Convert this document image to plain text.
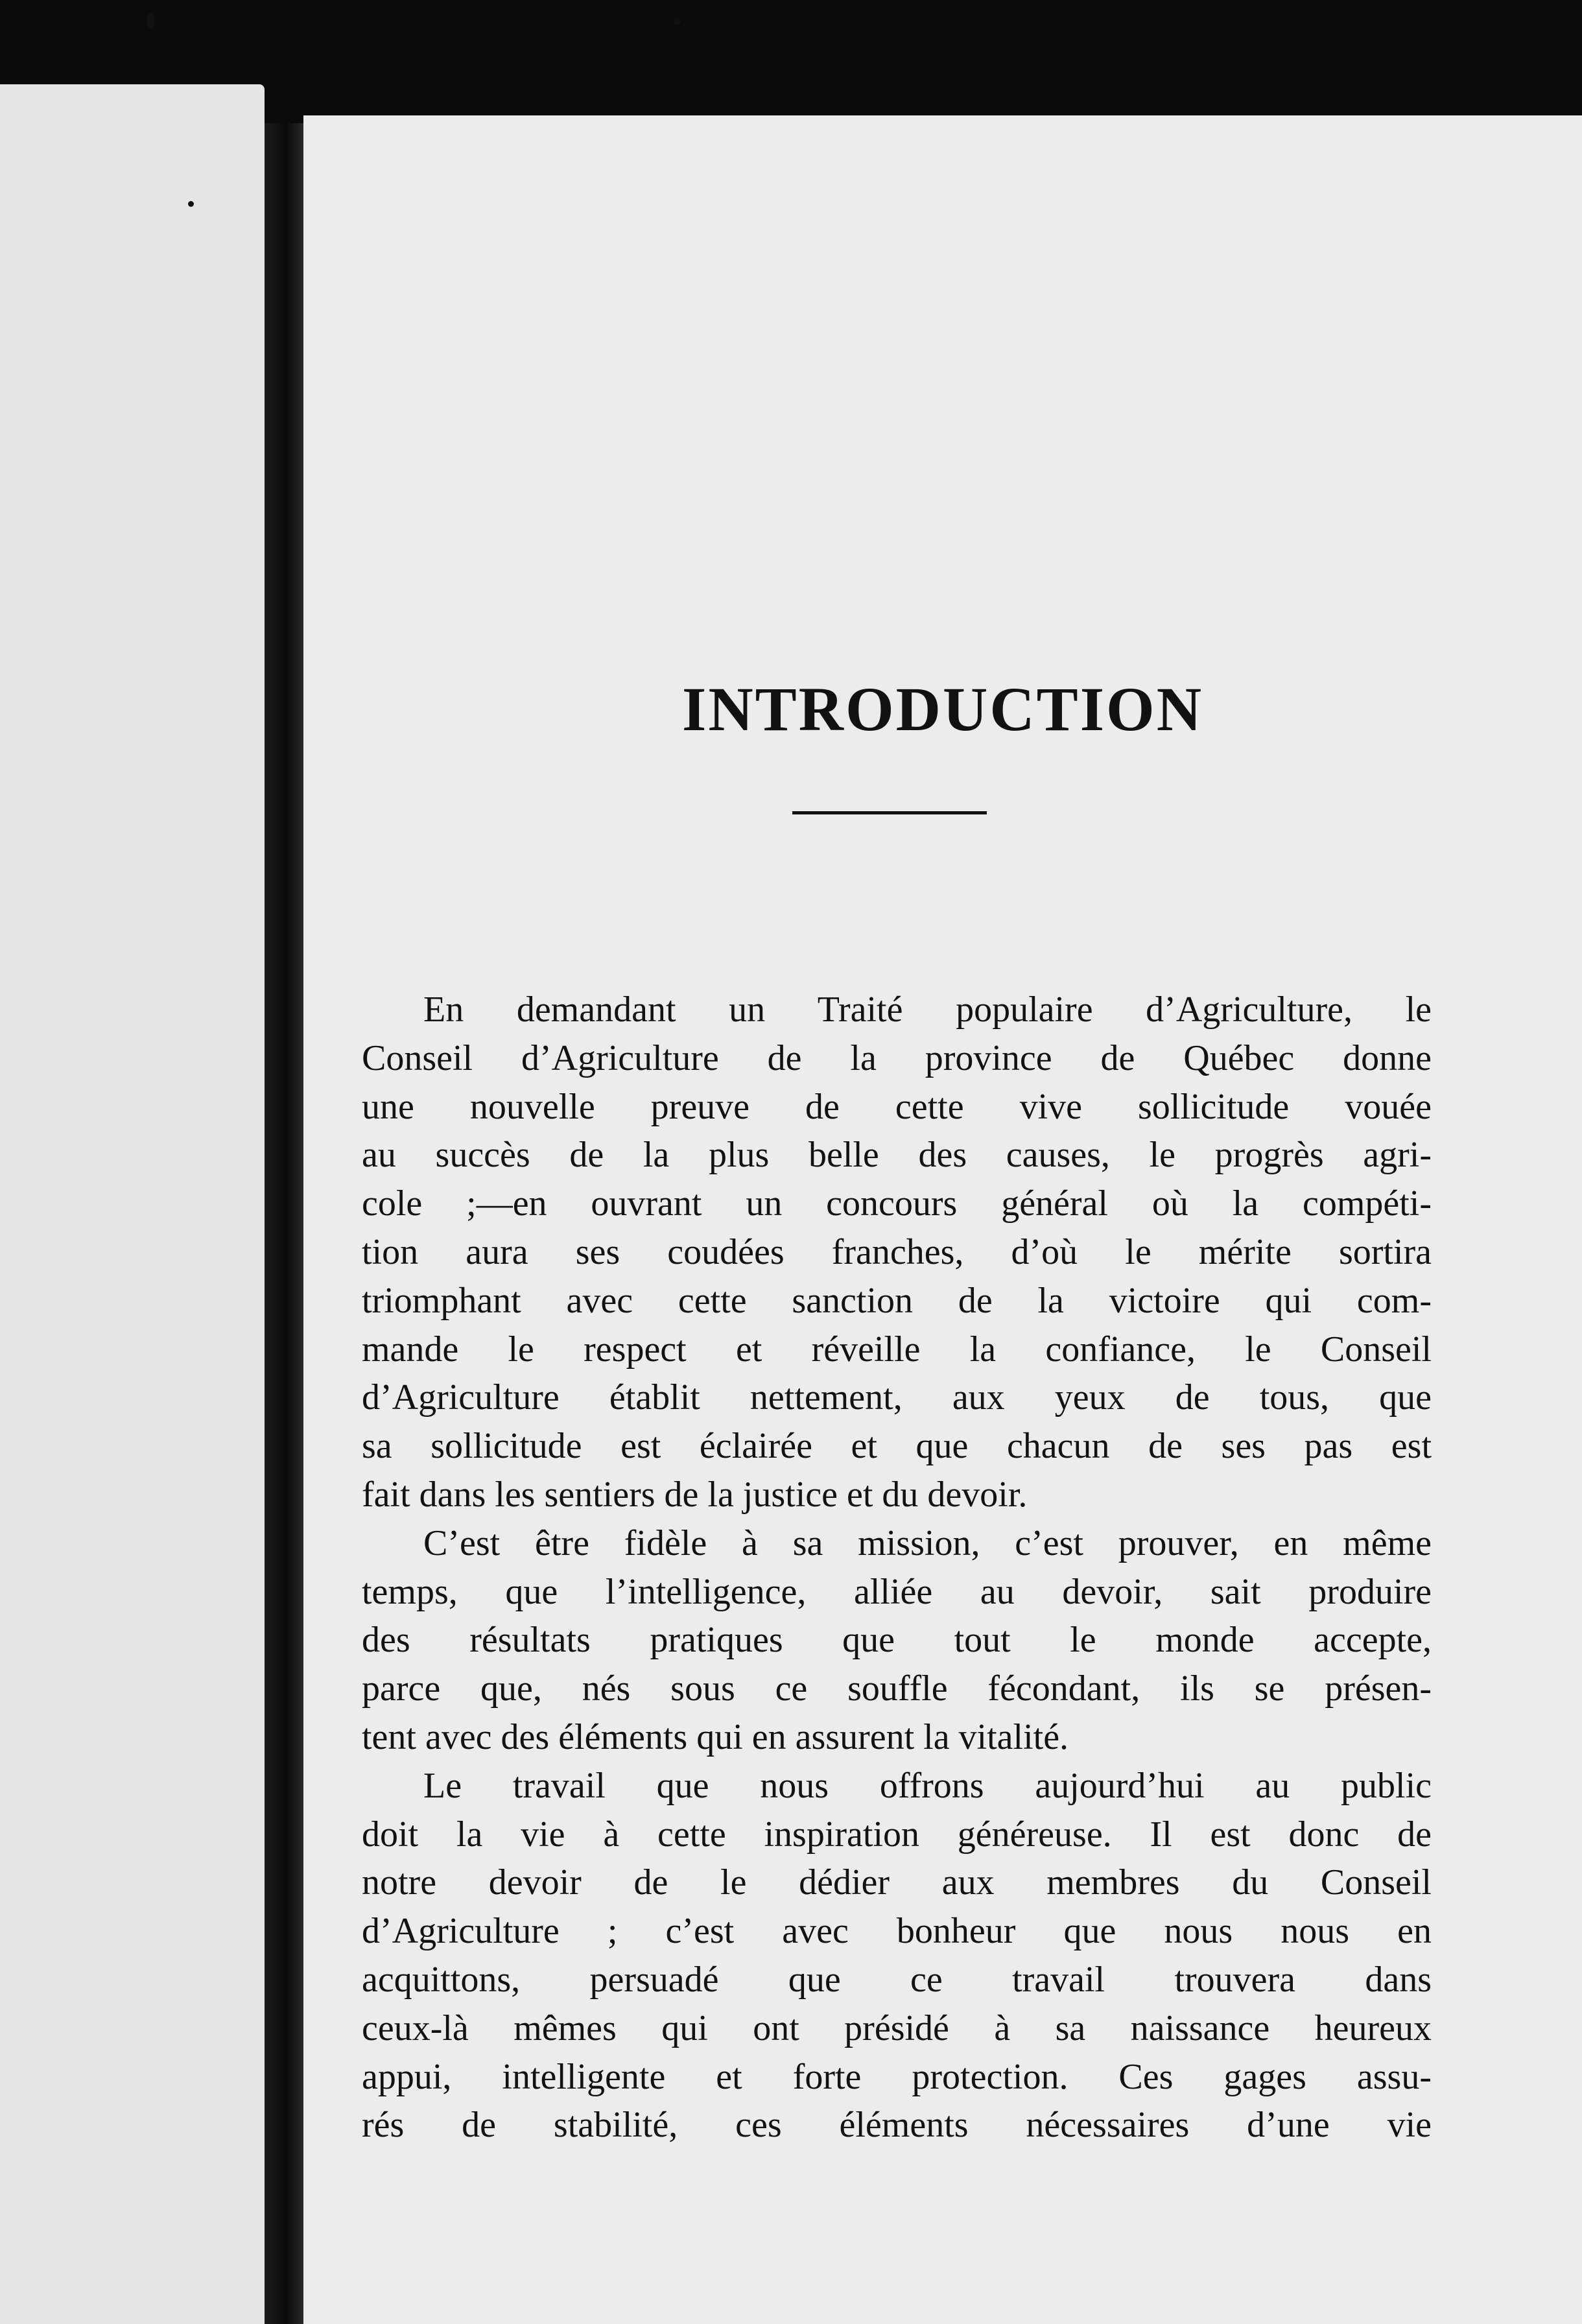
INTRODUCTION
En demandant un Traité populaire d’Agriculture, le
Conseil d’Agriculture de la province de Québec donne
une nouvelle preuve de cette vive sollicitude vouée
au succès de la plus belle des causes, le progrès agri-
cole ;—en ouvrant un concours général où la compéti-
tion aura ses coudées franches, d’où le mérite sortira
triomphant avec cette sanction de la victoire qui com-
mande le respect et réveille la confiance, le Conseil
d’Agriculture établit nettement, aux yeux de tous, que
sa sollicitude est éclairée et que chacun de ses pas est
fait dans les sentiers de la justice et du devoir.
C’est être fidèle à sa mission, c’est prouver, en même
temps, que l’intelligence, alliée au devoir, sait produire
des résultats pratiques que tout le monde accepte,
parce que, nés sous ce souffle fécondant, ils se présen-
tent avec des éléments qui en assurent la vitalité.
Le travail que nous offrons aujourd’hui au public
doit la vie à cette inspiration généreuse. Il est donc de
notre devoir de le dédier aux membres du Conseil
d’Agriculture ; c’est avec bonheur que nous nous en
acquittons, persuadé que ce travail trouvera dans
ceux-là mêmes qui ont présidé à sa naissance heureux
appui, intelligente et forte protection. Ces gages assu-
rés de stabilité, ces éléments nécessaires d’une vie
